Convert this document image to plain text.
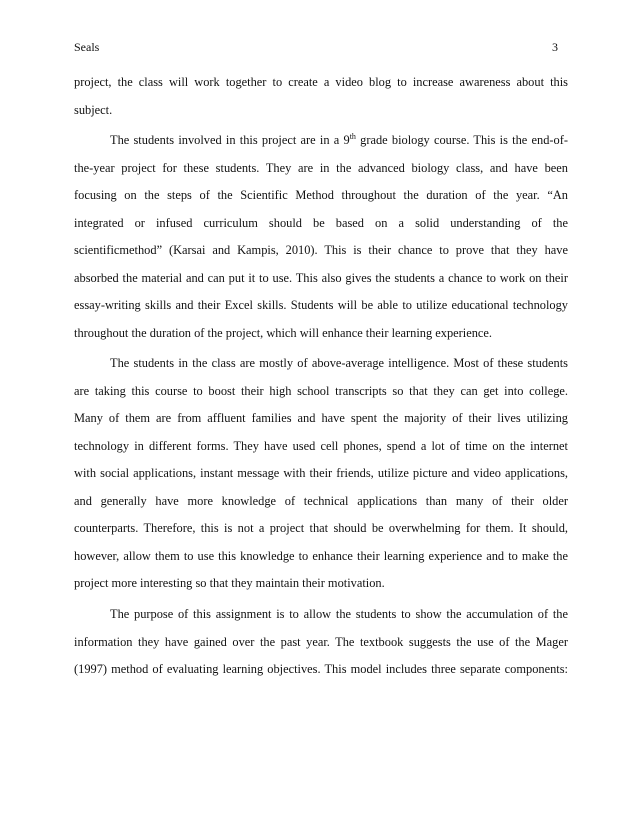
Seals	3

project, the class will work together to create a video blog to increase awareness about this
subject.

The students involved in this project are in a 9th grade biology course. This is the end-of-
the-year project for these students. They are in the advanced biology class, and have been
focusing on the steps of the Scientific Method throughout the duration of the year. “An
integrated or infused curriculum should be based on a solid understanding of the
scientificmethod” (Karsai and Kampis, 2010). This is their chance to prove that they have
absorbed the material and can put it to use. This also gives the students a chance to work on their
essay-writing skills and their Excel skills. Students will be able to utilize educational technology
throughout the duration of the project, which will enhance their learning experience.

The students in the class are mostly of above-average intelligence. Most of these students
are taking this course to boost their high school transcripts so that they can get into college.
Many of them are from affluent families and have spent the majority of their lives utilizing
technology in different forms. They have used cell phones, spend a lot of time on the internet
with social applications, instant message with their friends, utilize picture and video applications,
and generally have more knowledge of technical applications than many of their older
counterparts. Therefore, this is not a project that should be overwhelming for them. It should,
however, allow them to use this knowledge to enhance their learning experience and to make the
project more interesting so that they maintain their motivation.

The purpose of this assignment is to allow the students to show the accumulation of the
information they have gained over the past year. The textbook suggests the use of the Mager
(1997) method of evaluating learning objectives. This model includes three separate components:
